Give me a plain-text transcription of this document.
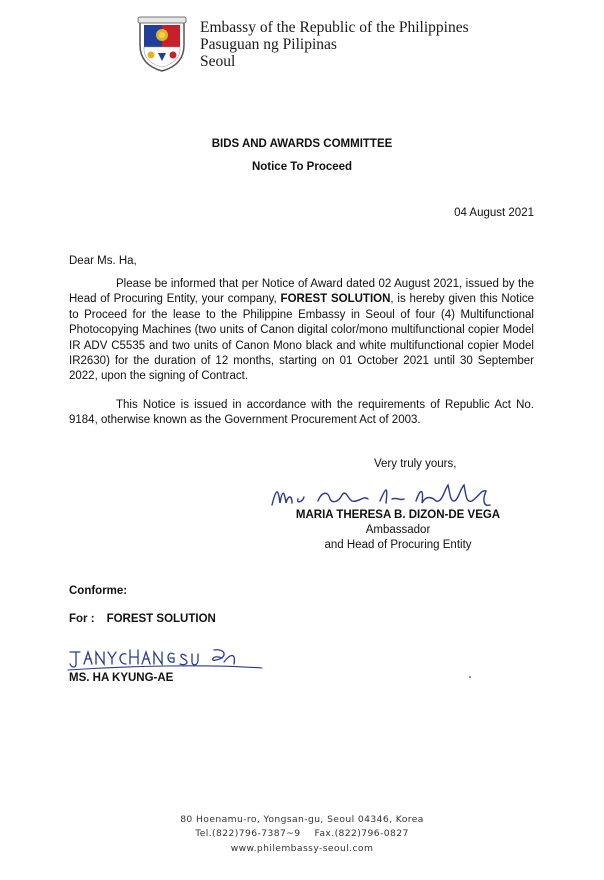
Embassy of the Republic of the Philippines
Pasuguan ng Pilipinas
Seoul
BIDS AND AWARDS COMMITTEE
Notice To Proceed
04 August 2021
Dear Ms. Ha,

Please be informed that per Notice of Award dated 02 August 2021, issued by the Head of Procuring Entity, your company, FOREST SOLUTION, is hereby given this Notice to Proceed for the lease to the Philippine Embassy in Seoul of four (4) Multifunctional Photocopying Machines (two units of Canon digital color/mono multifunctional copier Model IR ADV C5535 and two units of Canon Mono black and white multifunctional copier Model IR2630) for the duration of 12 months, starting on 01 October 2021 until 30 September 2022, upon the signing of Contract.

This Notice is issued in accordance with the requirements of Republic Act No. 9184, otherwise known as the Government Procurement Act of 2003.

Very truly yours,
MARIA THERESA B. DIZON-DE VEGA
Ambassador
and Head of Procuring Entity
Conforme:
For : FOREST SOLUTION
MS. HA KYUNG-AE
80 Hoenamu-ro, Yongsan-gu, Seoul 04346, Korea
Tel.(822)796-7387~9 Fax.(822)796-0827
www.philembassy-seoul.com
